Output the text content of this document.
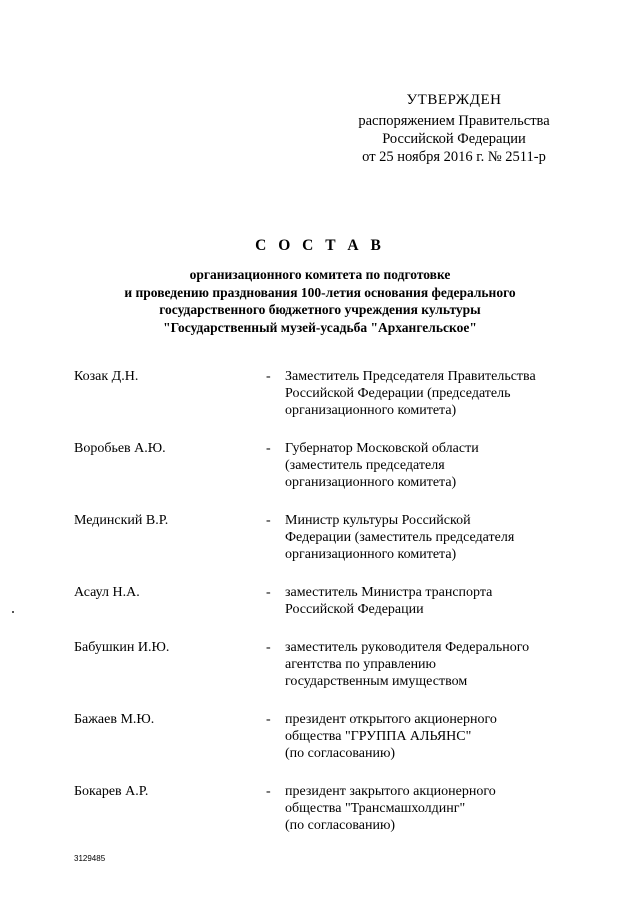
УТВЕРЖДЕН
распоряжением Правительства
Российской Федерации
от 25 ноября 2016 г. № 2511-р
С О С Т А В
организационного комитета по подготовке
и проведению празднования 100-летия основания федерального
государственного бюджетного учреждения культуры
"Государственный музей-усадьба "Архангельское"
Козак Д.Н.	- Заместитель Председателя Правительства
Российской Федерации (председатель
организационного комитета)
Воробьев А.Ю.	- Губернатор Московской области
(заместитель председателя
организационного комитета)
Мединский В.Р.	- Министр культуры Российской
Федерации (заместитель председателя
организационного комитета)
Асаул Н.А.	- заместитель Министра транспорта
Российской Федерации
Бабушкин И.Ю.	- заместитель руководителя Федерального
агентства по управлению
государственным имуществом
Бажаев М.Ю.	- президент открытого акционерного
общества "ГРУППА АЛЬЯНС"
(по согласованию)
Бокарев А.Р.	- президент закрытого акционерного
общества "Трансмашхолдинг"
(по согласованию)
3129485
